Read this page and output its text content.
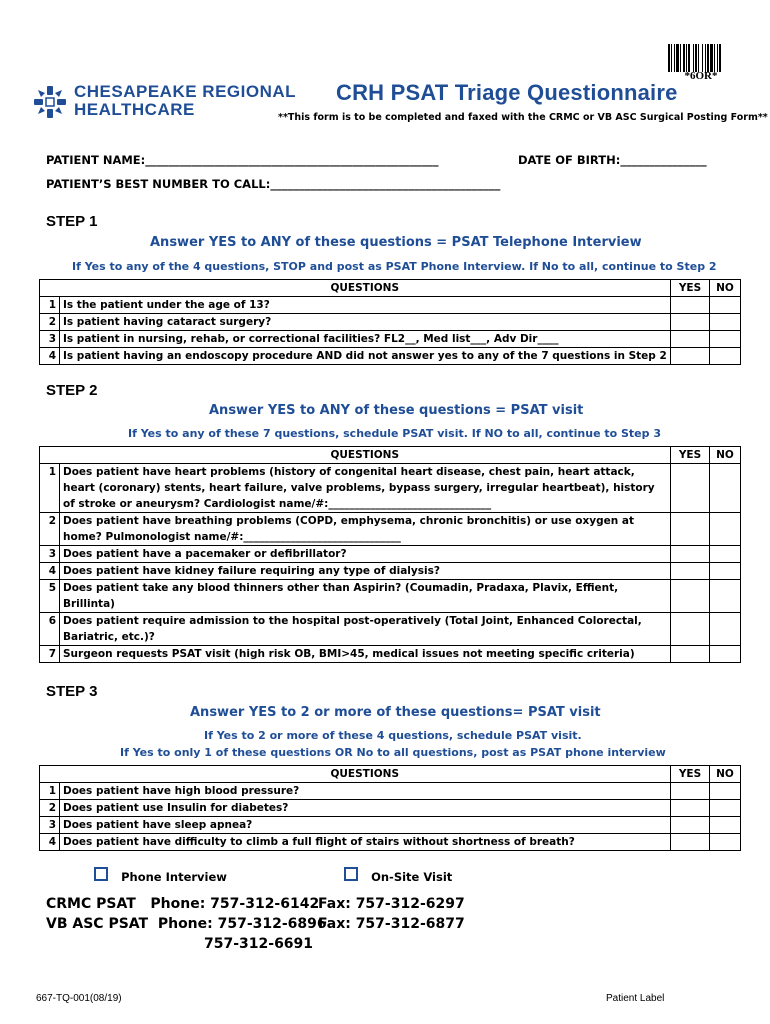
*6OR*
CHESAPEAKE REGIONAL
HEALTHCARE
CRH PSAT Triage Questionnaire
**This form is to be completed and faxed with the CRMC or VB ASC Surgical Posting Form**
PATIENT NAME:___________________________________________________	DATE OF BIRTH:_______________
PATIENT’S BEST NUMBER TO CALL:________________________________________
STEP 1
Answer YES to ANY of these questions = PSAT Telephone Interview
If Yes to any of the 4 questions, STOP and post as PSAT Phone Interview. If No to all, continue to Step 2
	QUESTIONS	YES	NO
1	Is the patient under the age of 13?		
2	Is patient having cataract surgery?		
3	Is patient in nursing, rehab, or correctional facilities? FL2__, Med list___, Adv Dir____		
4	Is patient having an endoscopy procedure AND did not answer yes to any of the 7 questions in Step 2		
STEP 2
Answer YES to ANY of these questions = PSAT visit
If Yes to any of these 7 questions, schedule PSAT visit. If NO to all, continue to Step 3
	QUESTIONS	YES	NO
1	Does patient have heart problems (history of congenital heart disease, chest pain, heart attack, heart (coronary) stents, heart failure, valve problems, bypass surgery, irregular heartbeat), history of stroke or aneurysm? Cardiologist name/#:_______________________________		
2	Does patient have breathing problems (COPD, emphysema, chronic bronchitis) or use oxygen at home? Pulmonologist name/#:______________________________		
3	Does patient have a pacemaker or defibrillator?		
4	Does patient have kidney failure requiring any type of dialysis?		
5	Does patient take any blood thinners other than Aspirin? (Coumadin, Pradaxa, Plavix, Effient, Brillinta)		
6	Does patient require admission to the hospital post-operatively (Total Joint, Enhanced Colorectal, Bariatric, etc.)?		
7	Surgeon requests PSAT visit (high risk OB, BMI>45, medical issues not meeting specific criteria)		
STEP 3
Answer YES to 2 or more of these questions= PSAT visit
If Yes to 2 or more of these 4 questions, schedule PSAT visit.
If Yes to only 1 of these questions OR No to all questions, post as PSAT phone interview
	QUESTIONS	YES	NO
1	Does patient have high blood pressure?		
2	Does patient use Insulin for diabetes?		
3	Does patient have sleep apnea?		
4	Does patient have difficulty to climb a full flight of stairs without shortness of breath?		
Phone Interview	On-Site Visit
CRMC PSAT   Phone: 757-312-6142
Fax: 757-312-6297
VB ASC PSAT  Phone: 757-312-6896
Fax: 757-312-6877
757-312-6691
667-TQ-001(08/19)	Patient Label
